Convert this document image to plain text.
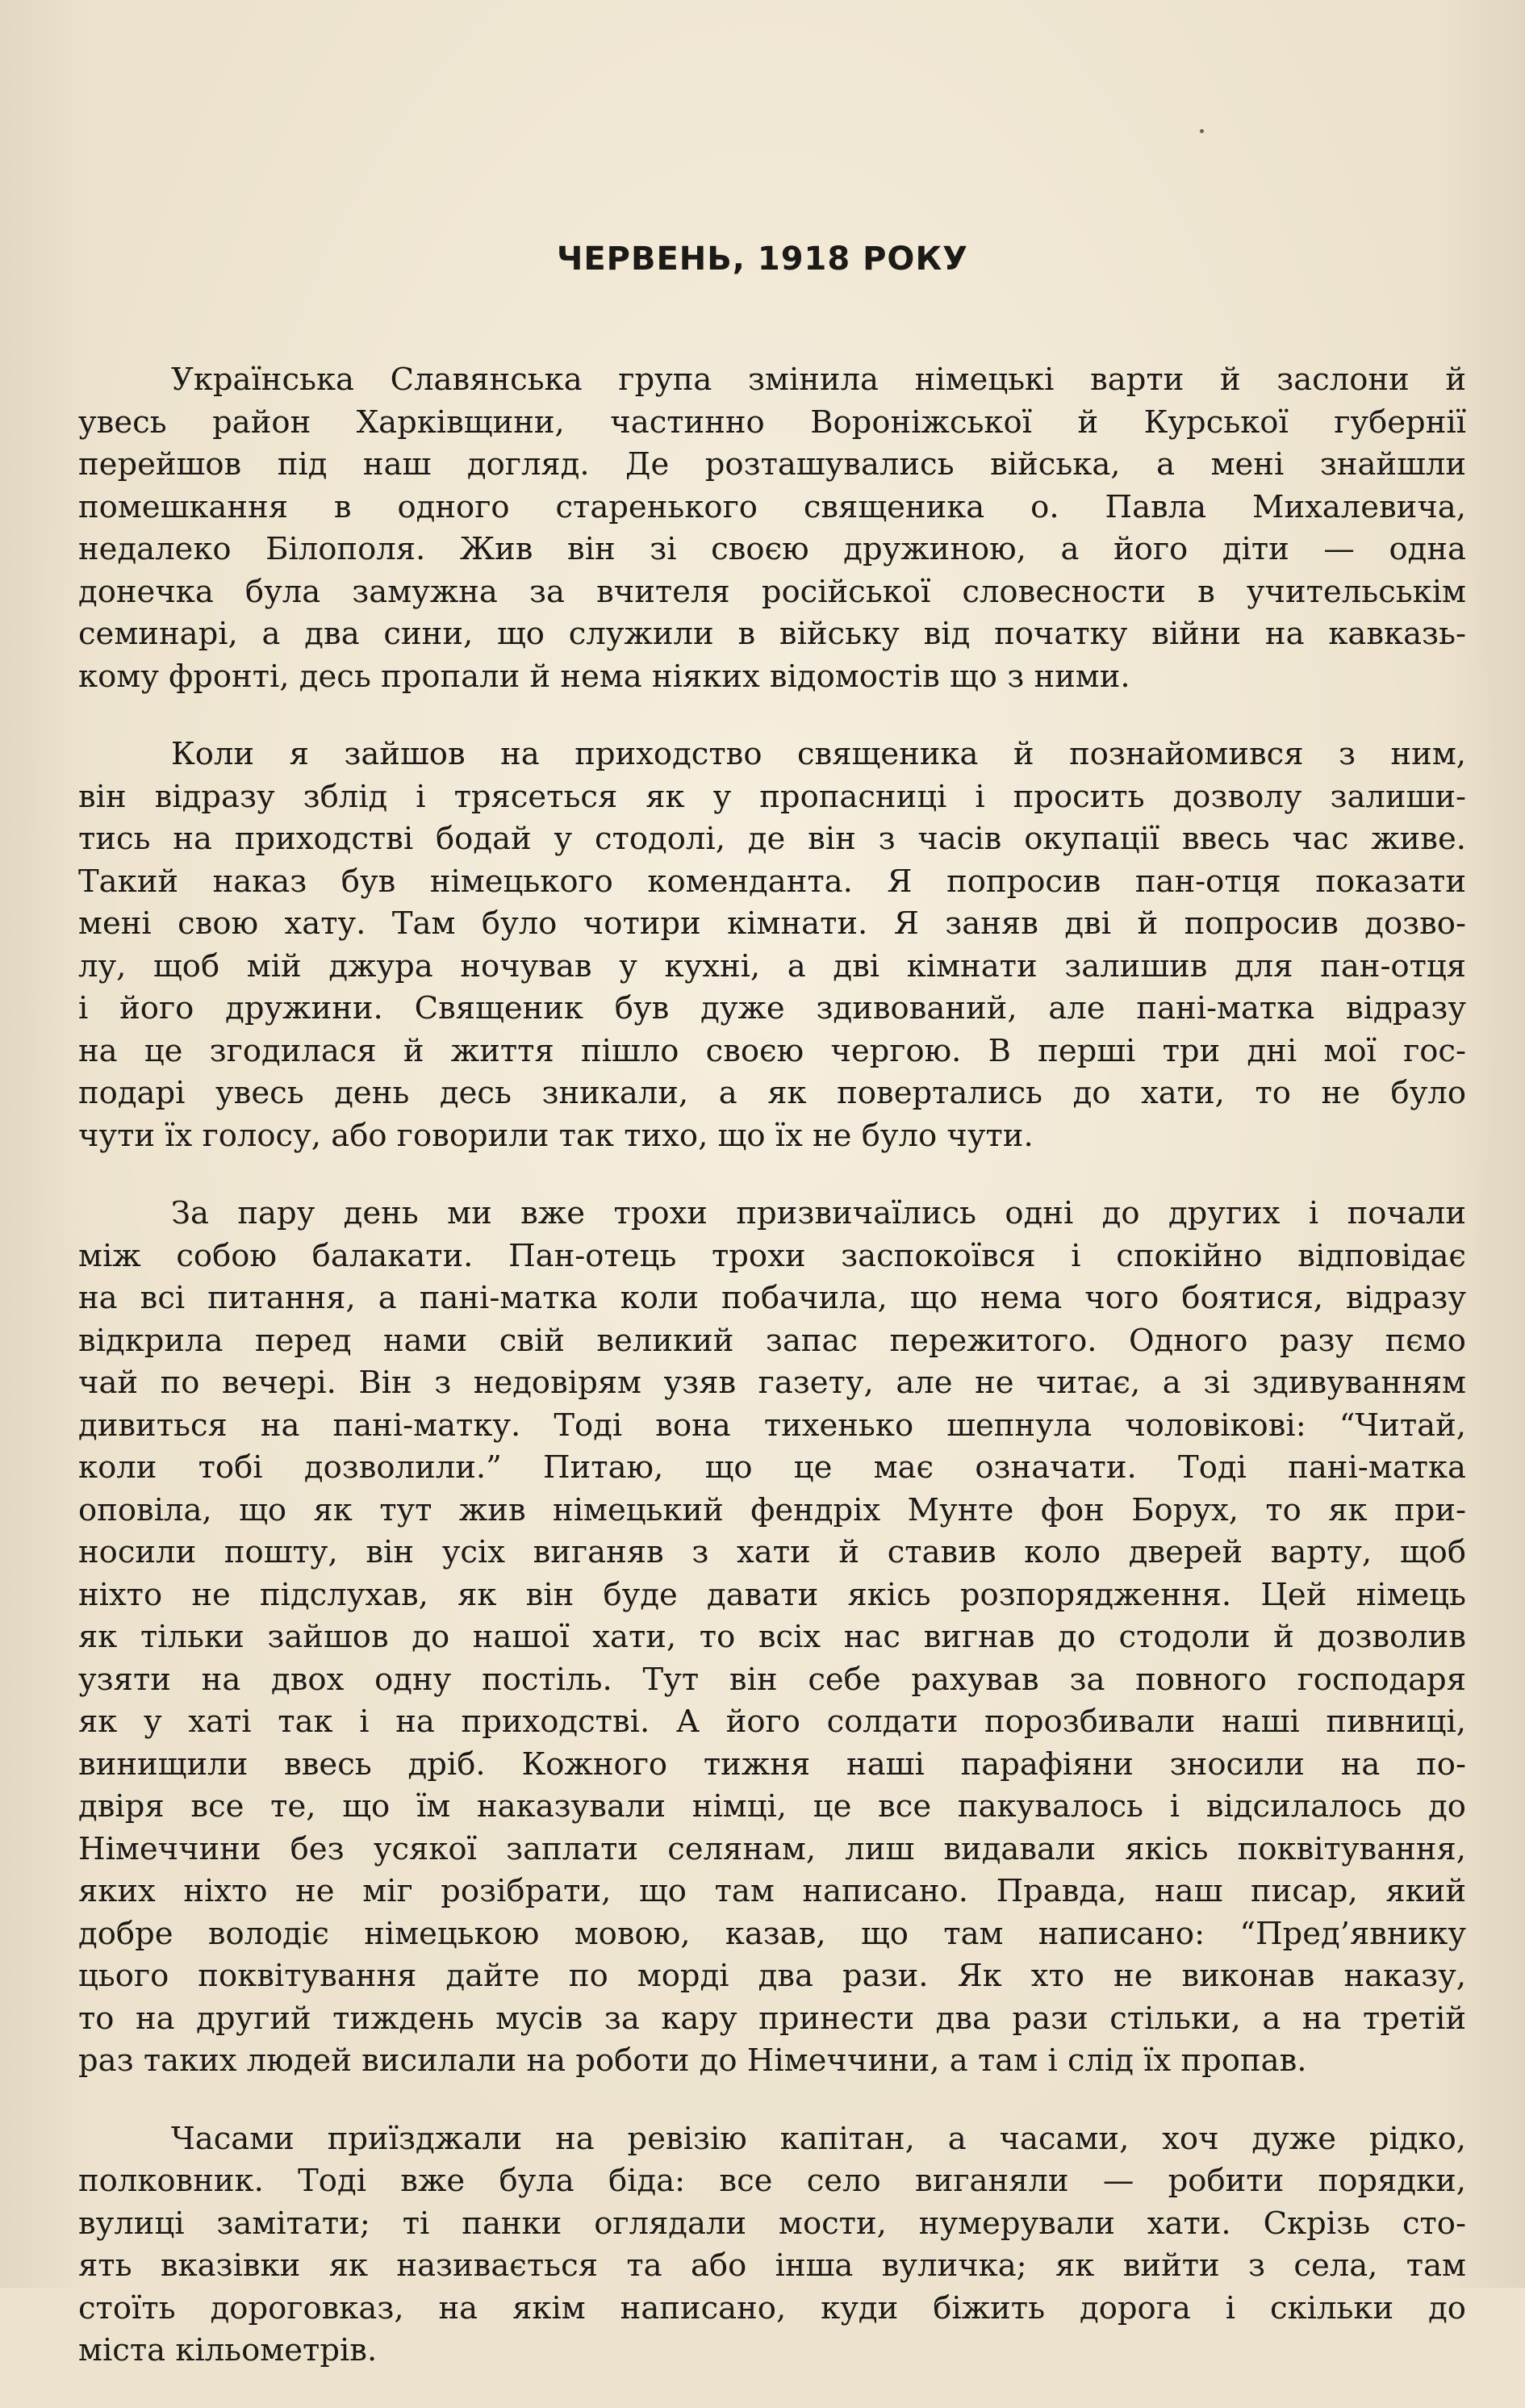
ЧЕРВЕНЬ, 1918 РОКУ
Українська Славянська група змінила німецькі варти й заслони й
увесь район Харківщини, частинно Вороніжської й Курської губернії
перейшов під наш догляд. Де розташувались війська, а мені знайшли
помешкання в одного старенького священика о. Павла Михалевича,
недалеко Білополя. Жив він зі своєю дружиною, а його діти — одна
донечка була замужна за вчителя російської словесности в учительськім
семинарі, а два сини, що служили в війську від початку війни на кавказь-
кому фронті, десь пропали й нема ніяких відомостів що з ними.
Коли я зайшов на приходство священика й познайомився з ним,
він відразу зблід і трясеться як у пропасниці і просить дозволу залиши-
тись на приходстві бодай у стодолі, де він з часів окупації ввесь час живе.
Такий наказ був німецького коменданта. Я попросив пан-отця показати
мені свою хату. Там було чотири кімнати. Я заняв дві й попросив дозво-
лу, щоб мій джура ночував у кухні, а дві кімнати залишив для пан-отця
і його дружини. Священик був дуже здивований, але пані-матка відразу
на це згодилася й життя пішло своєю чергою. В перші три дні мої гос-
подарі увесь день десь зникали, а як поверталиcь до хати, то не було
чути їх голосу, або говорили так тихо, що їх не було чути.
За пару день ми вже трохи призвичаїлись одні до других і почали
між собою балакати. Пан-отець трохи заспокоївся і спокійно відповідає
на всі питання, а пані-матка коли побачила, що нема чого боятися, відразу
відкрила перед нами свій великий запас пережитого. Одного разу пємо
чай по вечері. Він з недовірям узяв газету, але не читає, а зі здивуванням
дивиться на пані-матку. Тоді вона тихенько шепнула чоловікові: “Читай,
коли тобі дозволили.” Питаю, що це має означати. Тоді пані-матка
оповіла, що як тут жив німецький фендріх Мунте фон Борух, то як при-
носили пошту, він усіх виганяв з хати й ставив коло дверей варту, щоб
ніхто не підслухав, як він буде давати якісь розпорядження. Цей німець
як тільки зайшов до нашої хати, то всіх нас вигнав до стодоли й дозволив
узяти на двох одну постіль. Тут він себе рахував за повного господаря
як у хаті так і на приходстві. А його солдати порозбивали наші пивниці,
винищили ввесь дріб. Кожного тижня наші парафіяни зносили на по-
двіря все те, що їм наказували німці, це все пакувалось і відсилалось до
Німеччини без усякої заплати селянам, лиш видавали якісь поквітування,
яких ніхто не міг розібрати, що там написано. Правда, наш писар, який
добре володіє німецькою мовою, казав, що там написано: “Пред’явнику
цього поквітування дайте по морді два рази. Як хто не виконав наказу,
то на другий тиждень мусів за кару принести два рази стільки, а на третій
раз таких людей висилали на роботи до Німеччини, а там і слід їх пропав.
Часами приїзджали на ревізію капітан, а часами, хоч дуже рідко,
полковник. Тоді вже була біда: все село виганяли — робити порядки,
вулиці замітати; ті панки оглядали мости, нумерували хати. Скрізь сто-
ять вказівки як називається та або інша вуличка; як вийти з села, там
стоїть дороговказ, на якім написано, куди біжить дорога і скільки до
міста кільометрів.
